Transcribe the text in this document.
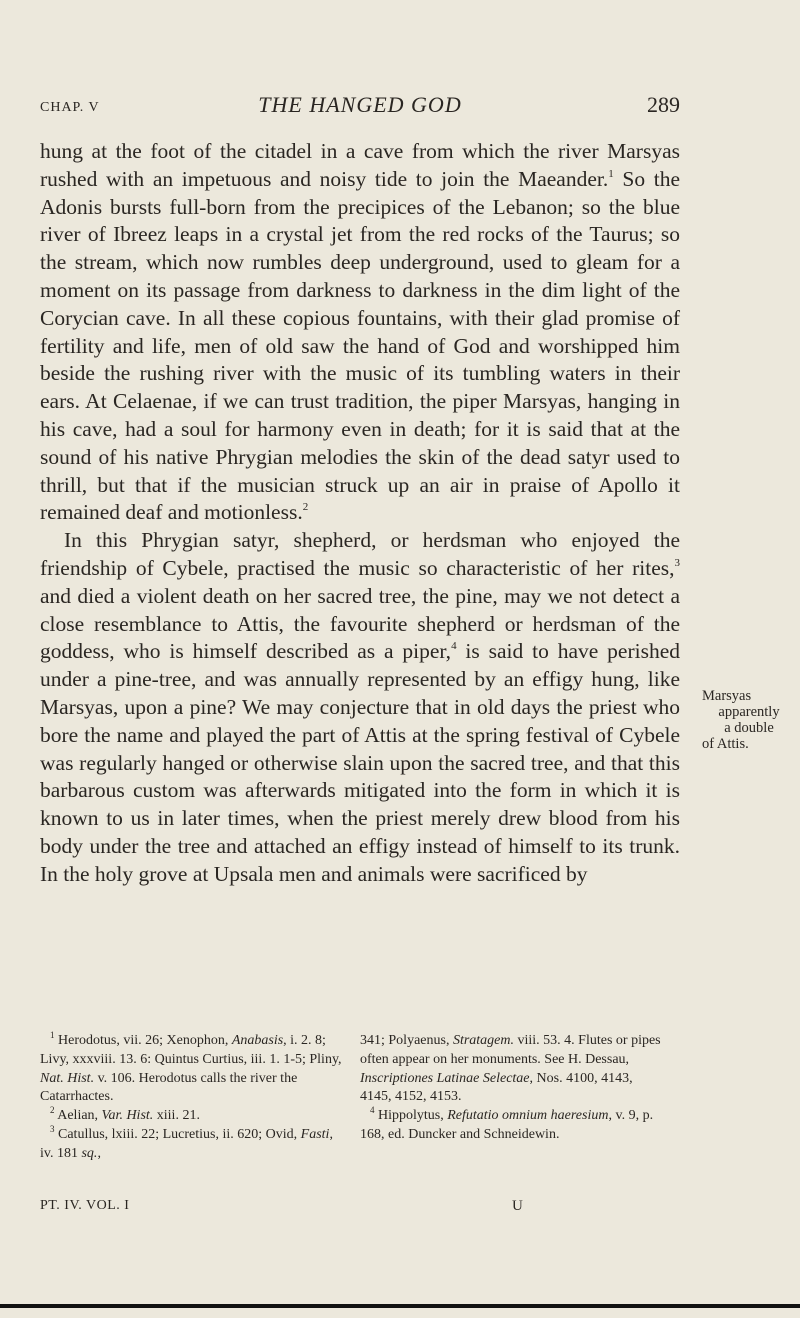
CHAP. V	THE HANGED GOD	289

hung at the foot of the citadel in a cave from which the river Marsyas rushed with an impetuous and noisy tide to join the Maeander.$^1$ So the Adonis bursts full-born from the precipices of the Lebanon; so the blue river of Ibreez leaps in a crystal jet from the red rocks of the Taurus; so the stream, which now rumbles deep underground, used to gleam for a moment on its passage from darkness to darkness in the dim light of the Corycian cave. In all these copious fountains, with their glad promise of fertility and life, men of old saw the hand of God and worshipped him beside the rushing river with the music of its tumbling waters in their ears. At Celaenae, if we can trust tradition, the piper Marsyas, hanging in his cave, had a soul for harmony even in death; for it is said that at the sound of his native Phrygian melodies the skin of the dead satyr used to thrill, but that if the musician struck up an air in praise of Apollo it remained deaf and motionless.$^2$

In this Phrygian satyr, shepherd, or herdsman who enjoyed the friendship of Cybele, practised the music so characteristic of her rites,$^3$ and died a violent death on her sacred tree, the pine, may we not detect a close resemblance to Attis, the favourite shepherd or herdsman of the goddess, who is himself described as a piper,$^4$ is said to have perished under a pine-tree, and was annually represented by an effigy hung, like Marsyas, upon a pine? We may conjecture that in old days the priest who bore the name and played the part of Attis at the spring festival of Cybele was regularly hanged or otherwise slain upon the sacred tree, and that this barbarous custom was afterwards mitigated into the form in which it is known to us in later times, when the priest merely drew blood from his body under the tree and attached an effigy instead of himself to its trunk. In the holy grove at Upsala men and animals were sacrificed by

Marsyas
apparently
a double
of Attis.

$^1$ Herodotus, vii. 26; Xenophon, Anabasis, i. 2. 8; Livy, xxxviii. 13. 6: Quintus Curtius, iii. 1. 1-5; Pliny, Nat. Hist. v. 106. Herodotus calls the river the Catarrhactes.

$^2$ Aelian, Var. Hist. xiii. 21.

$^3$ Catullus, lxiii. 22; Lucretius, ii. 620; Ovid, Fasti, iv. 181 sq.,

341; Polyaenus, Stratagem. viii. 53. 4. Flutes or pipes often appear on her monuments. See H. Dessau, Inscriptiones Latinae Selectae, Nos. 4100, 4143, 4145, 4152, 4153.

$^4$ Hippolytus, Refutatio omnium haeresium, v. 9, p. 168, ed. Duncker and Schneidewin.

PT. IV. VOL. I	U
